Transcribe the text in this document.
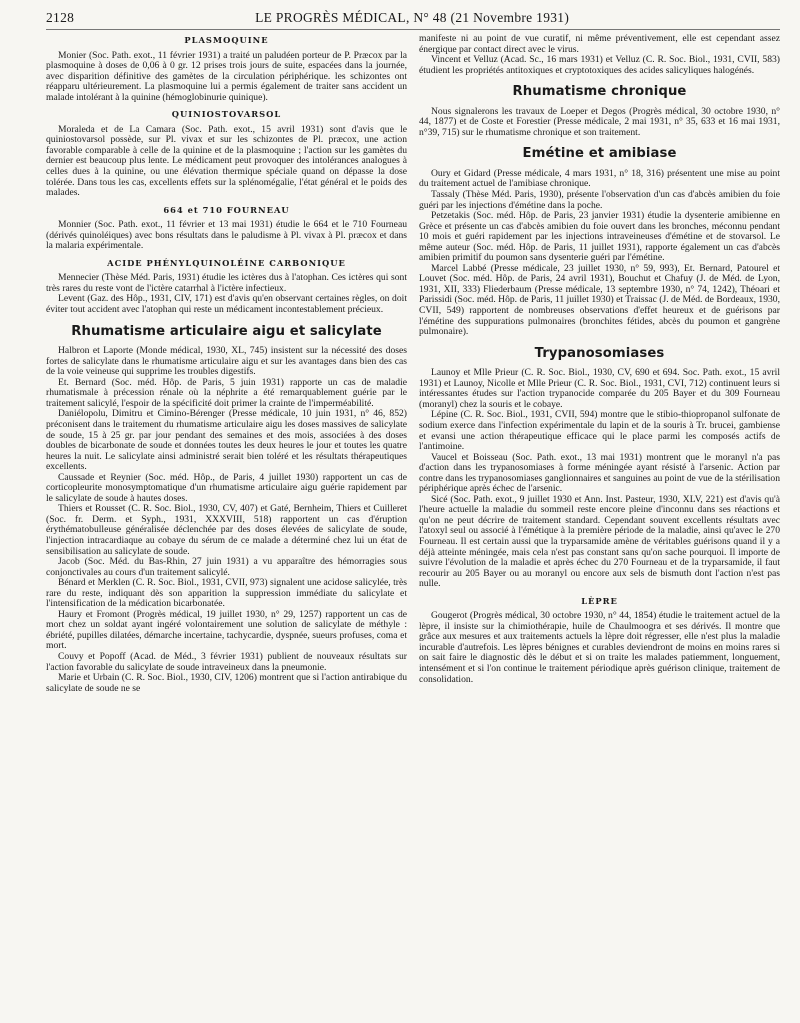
2128	LE PROGRÈS MÉDICAL, N° 48 (21 Novembre 1931)
PLASMOQUINE

Monier (Soc. Path. exot., 11 février 1931) a traité un paludéen porteur de P. Præcox par la plasmoquine à doses de 0,06 à 0 gr. 12 prises trois jours de suite, espacées dans la journée, avec disparition définitive des gamètes de la circulation périphérique. les schizontes ont réapparu ultérieurement. La plasmoquine lui a permis également de traiter sans accident un malade intolérant à la quinine (hémoglobinurie quinique).

QUINIOSTOVARSOL

Moraleda et de La Camara (Soc. Path. exot., 15 avril 1931) sont d'avis que le quiniostovarsol possède, sur Pl. vivax et sur les schizontes de Pl. præcox, une action favorable comparable à celle de la quinine et de la plasmoquine ; l'action sur les gamètes du dernier est beaucoup plus lente. Le médicament peut provoquer des intolérances analogues à celles dues à la quinine, ou une élévation thermique spéciale quand on dépasse la dose tolérée. Dans tous les cas, excellents effets sur la splénomégalie, l'état général et le poids des malades.

664 et 710 FOURNEAU

Monnier (Soc. Path. exot., 11 février et 13 mai 1931) étudie le 664 et le 710 Fourneau (dérivés quinoléiques) avec bons résultats dans le paludisme à Pl. vivax à Pl. præcox et dans la malaria expérimentale.

ACIDE PHÉNYLQUINOLÉINE CARBONIQUE

Mennecier (Thèse Méd. Paris, 1931) étudie les ictères dus à l'atophan. Ces ictères qui sont très rares du reste vont de l'ictère catarrhal à l'ictère infectieux.

Levent (Gaz. des Hôp., 1931, CIV, 171) est d'avis qu'en observant certaines règles, on doit éviter tout accident avec l'atophan qui reste un médicament incontestablement précieux.

Rhumatisme articulaire aigu et salicylate

Halbron et Laporte (Monde médical, 1930, XL, 745) insistent sur la nécessité des doses fortes de salicylate dans le rhumatisme articulaire aigu et sur les avantages dans bien des cas de la voie veineuse qui supprime les troubles digestifs.

Et. Bernard (Soc. méd. Hôp. de Paris, 5 juin 1931) rapporte un cas de maladie rhumatismale à précession rénale où la néphrite a été remarquablement guérie par le traitement salicylé, l'espoir de la spécificité doit primer la crainte de l'imperméabilité.

Daniélopolu, Dimitru et Cimino-Bérenger (Presse médicale, 10 juin 1931, n° 46, 852) préconisent dans le traitement du rhumatisme articulaire aigu les doses massives de salicylate de soude, 15 à 25 gr. par jour pendant des semaines et des mois, associées à des doses doubles de bicarbonate de soude et données toutes les deux heures le jour et toutes les quatre heures la nuit. Le salicylate ainsi administré serait bien toléré et les résultats thérapeutiques excellents.

Caussade et Reynier (Soc. méd. Hôp., de Paris, 4 juillet 1930) rapportent un cas de corticopleurite monosymptomatique d'un rhumatisme articulaire aigu guérie rapidement par le salicylate de soude à hautes doses.

Thiers et Rousset (C. R. Soc. Biol., 1930, CV, 407) et Gaté, Bernheim, Thiers et Cuilleret (Soc. fr. Derm. et Syph., 1931, XXXVIII, 518) rapportent un cas d'éruption érythématobulleuse généralisée déclenchée par des doses élevées de salicylate de soude, l'injection intracardiaque au cobaye du sérum de ce malade a déterminé chez lui un état de sensibilisation au salicylate de soude.

Jacob (Soc. Méd. du Bas-Rhin, 27 juin 1931) a vu apparaître des hémorragies sous conjonctivales au cours d'un traitement salicylé.

Bénard et Merklen (C. R. Soc. Biol., 1931, CVII, 973) signalent une acidose salicylée, très rare du reste, indiquant dès son apparition la suppression immédiate du salicylate et l'intensification de la médication bicarbonatée.

Haury et Fromont (Progrès médical, 19 juillet 1930, n° 29, 1257) rapportent un cas de mort chez un soldat ayant ingéré volontairement une solution de salicylate de méthyle : ébriété, pupilles dilatées, démarche incertaine, tachycardie, dyspnée, sueurs profuses, coma et mort.

Couvy et Popoff (Acad. de Méd., 3 février 1931) publient de nouveaux résultats sur l'action favorable du salicylate de soude intraveineux dans la pneumonie.

Marie et Urbain (C. R. Soc. Biol., 1930, CIV, 1206) montrent que si l'action antirabique du salicylate de soude ne se

manifeste ni au point de vue curatif, ni même préventivement, elle est cependant assez énergique par contact direct avec le virus.

Vincent et Velluz (Acad. Sc., 16 mars 1931) et Velluz (C. R. Soc. Biol., 1931, CVII, 583) étudient les propriétés antitoxiques et cryptotoxiques des acides salicyliques halogénés.

Rhumatisme chronique

Nous signalerons les travaux de Loeper et Degos (Progrès médical, 30 octobre 1930, n° 44, 1877) et de Coste et Forestier (Presse médicale, 2 mai 1931, n° 35, 633 et 16 mai 1931, n°39, 715) sur le rhumatisme chronique et son traitement.

Emétine et amibiase

Oury et Gidard (Presse médicale, 4 mars 1931, n° 18, 316) présentent une mise au point du traitement actuel de l'amibiase chronique.

Tassaly (Thèse Méd. Paris, 1930), présente l'observation d'un cas d'abcès amibien du foie guéri par les injections d'émétine dans la poche.

Petzetakis (Soc. méd. Hôp. de Paris, 23 janvier 1931) étudie la dysenterie amibienne en Grèce et présente un cas d'abcès amibien du foie ouvert dans les bronches, méconnu pendant 10 mois et guéri rapidement par les injections intraveineuses d'émétine et de stovarsol. Le même auteur (Soc. méd. Hôp. de Paris, 11 juillet 1931), rapporte également un cas d'abcès amibien primitif du poumon sans dysenterie guéri par l'émétine.

Marcel Labbé (Presse médicale, 23 juillet 1930, n° 59, 993), Et. Bernard, Patourel et Louvet (Soc. méd. Hôp. de Paris, 24 avril 1931), Bouchut et Chafuy (J. de Méd. de Lyon, 1931, XII, 333) Fliederbaum (Presse médicale, 13 septembre 1930, n° 74, 1242), Théoari et Parissidi (Soc. méd. Hôp. de Paris, 11 juillet 1930) et Traissac (J. de Méd. de Bordeaux, 1930, CVII, 549) rapportent de nombreuses observations d'effet heureux et de guérisons par l'émétine des suppurations pulmonaires (bronchites fétides, abcès du poumon et gangrène pulmonaire).

Trypanosomiases

Launoy et Mlle Prieur (C. R. Soc. Biol., 1930, CV, 690 et 694. Soc. Path. exot., 15 avril 1931) et Launoy, Nicolle et Mlle Prieur (C. R. Soc. Biol., 1931, CVI, 712) continuent leurs si intéressantes études sur l'action trypanocide comparée du 205 Bayer et du 309 Fourneau (moranyl) chez la souris et le cobaye.

Lépine (C. R. Soc. Biol., 1931, CVII, 594) montre que le stibio-thiopropanol sulfonate de sodium exerce dans l'infection expérimentale du lapin et de la souris à Tr. brucei, gambiense et evansi une action thérapeutique efficace qui le place parmi les composés actifs de l'antimoine.

Vaucel et Boisseau (Soc. Path. exot., 13 mai 1931) montrent que le moranyl n'a pas d'action dans les trypanosomiases à forme méningée ayant résisté à l'arsenic. Action par contre dans les trypanosomiases ganglionnaires et sanguines au point de vue de la stérilisation périphérique après échec de l'arsenic.

Sicé (Soc. Path. exot., 9 juillet 1930 et Ann. Inst. Pasteur, 1930, XLV, 221) est d'avis qu'à l'heure actuelle la maladie du sommeil reste encore pleine d'inconnu dans ses réactions et qu'on ne peut décrire de traitement standard. Cependant souvent excellents résultats avec l'atoxyl seul ou associé à l'émétique à la première période de la maladie, ainsi qu'avec le 270 Fourneau. Il est certain aussi que la tryparsamide amène de véritables guérisons quand il y a déjà atteinte méningée, mais cela n'est pas constant sans qu'on sache pourquoi. Il importe de suivre l'évolution de la maladie et après échec du 270 Fourneau et de la tryparsamide, il faut recourir au 205 Bayer ou au moranyl ou encore aux sels de bismuth dont l'action n'est pas nulle.

LÈPRE

Gougerot (Progrès médical, 30 octobre 1930, n° 44, 1854) étudie le traitement actuel de la lèpre, il insiste sur la chimiothérapie, huile de Chaulmoogra et ses dérivés. Il montre que grâce aux mesures et aux traitements actuels la lèpre doit régresser, elle n'est plus la maladie incurable d'autrefois. Les lèpres bénignes et curables deviendront de moins en moins rares si on sait faire le diagnostic dès le début et si on traite les malades patiemment, longuement, intensément et si l'on continue le traitement périodique après guérison clinique, traitement de consolidation.
